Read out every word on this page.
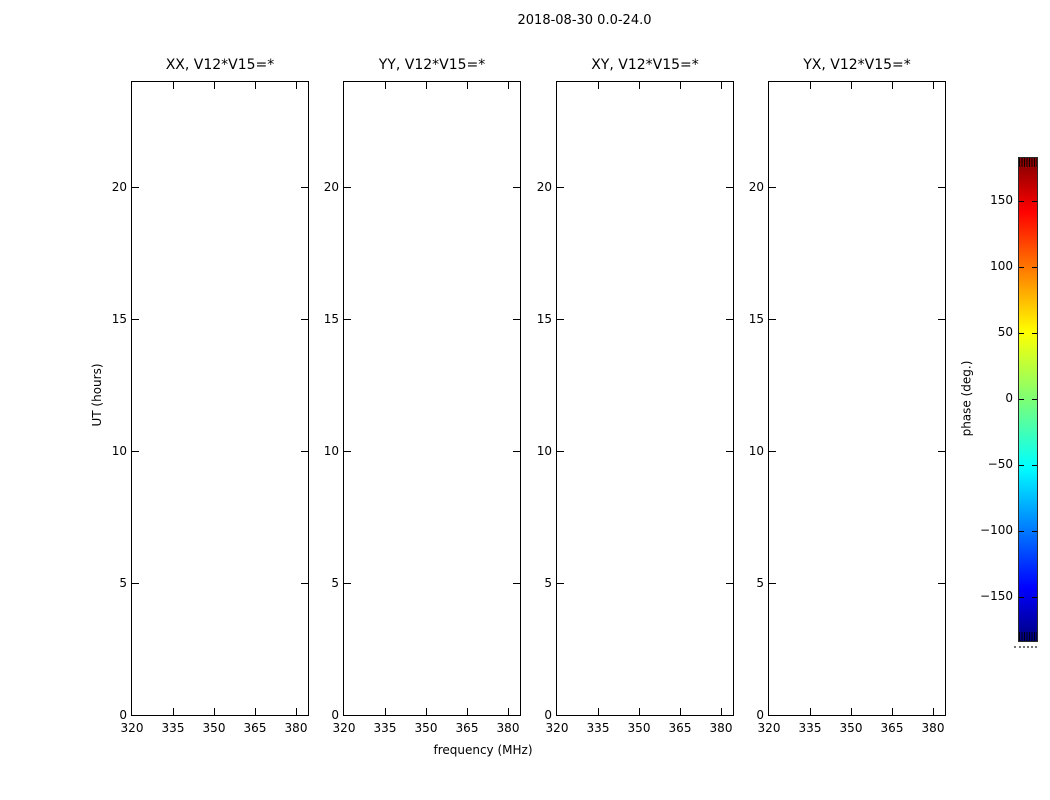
2018-08-30 0.0-24.0
XX, V12*V15=*
320	335	350	365	380
0
5
10
15
20
YY, V12*V15=*
320	335	350	365	380
0
5
10
15
20
XY, V12*V15=*
320	335	350	365	380
0
5
10
15
20
YX, V12*V15=*
320	335	350	365	380
0
5
10
15
20
UT (hours)
frequency (MHz)
150
100
50
0
−50
−100
−150
phase (deg.)
